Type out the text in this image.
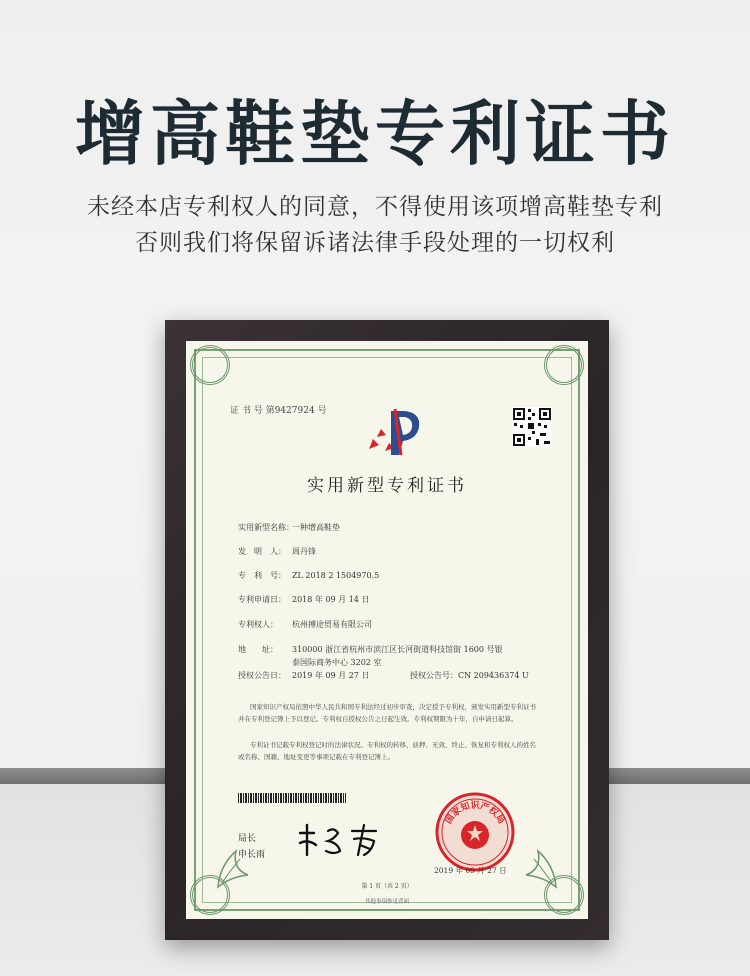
增高鞋垫专利证书
未经本店专利权人的同意，不得使用该项增高鞋垫专利
否则我们将保留诉诸法律手段处理的一切权利
证 书 号 第9427924 号
实用新型专利证书
实用新型名称：一种增高鞋垫
发　明　人： 周丹锋
专　利　号： ZL 2018 2 1504970.5
专利申请日： 2018 年 09 月 14 日
专利权人： 杭州搏途贸易有限公司
地　　址： 310000 浙江省杭州市滨江区长河街道科技馆街 1600 号银
泰国际商务中心 3202 室
授权公告日： 2019 年 09 月 27 日	授权公告号：CN 209436374 U
国家知识产权局依照中华人民共和国专利法经过初步审查，决定授予专利权，颁发实用新型专利证书并在专利登记簿上予以登记。专利权自授权公告之日起生效。专利权期限为十年，自申请日起算。
专利证书记载专利权登记时的法律状况。专利权的转移、质押、无效、终止、恢复和专利权人的姓名或名称、国籍、地址变更等事项记载在专利登记簿上。
局长
申长雨
国家知识产权局
2019 年 09 月 27 日
第 1 页（共 2 页）
其他事项参见背面
